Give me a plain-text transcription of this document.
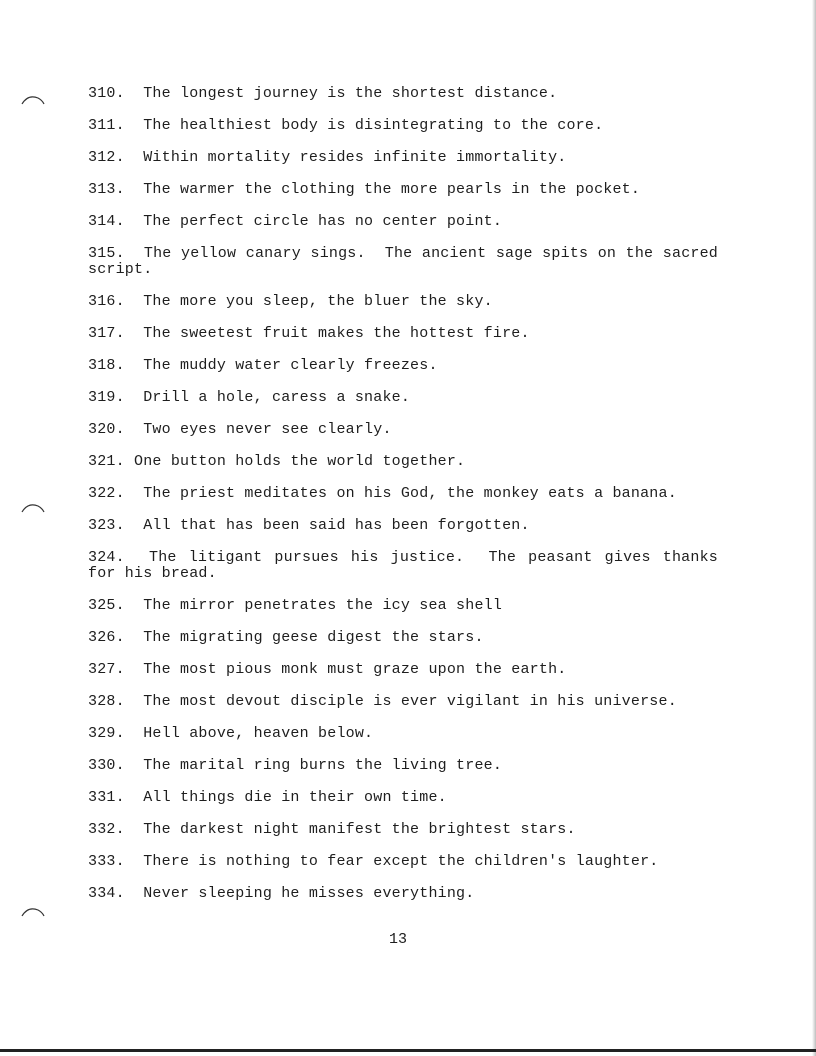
310.  The longest journey is the shortest distance.
311.  The healthiest body is disintegrating to the core.
312.  Within mortality resides infinite immortality.
313.  The warmer the clothing the more pearls in the pocket.
314.  The perfect circle has no center point.
315.  The yellow canary sings.  The ancient sage spits on the sacred script.
316.  The more you sleep, the bluer the sky.
317.  The sweetest fruit makes the hottest fire.
318.  The muddy water clearly freezes.
319.  Drill a hole, caress a snake.
320.  Two eyes never see clearly.
321. One button holds the world together.
322.  The priest meditates on his God, the monkey eats a banana.
323.  All that has been said has been forgotten.
324.  The litigant pursues his justice.  The peasant gives thanks for his bread.
325.  The mirror penetrates the icy sea shell
326.  The migrating geese digest the stars.
327.  The most pious monk must graze upon the earth.
328.  The most devout disciple is ever vigilant in his universe.
329.  Hell above, heaven below.
330.  The marital ring burns the living tree.
331.  All things die in their own time.
332.  The darkest night manifest the brightest stars.
333.  There is nothing to fear except the children's laughter.
334.  Never sleeping he misses everything.
13
